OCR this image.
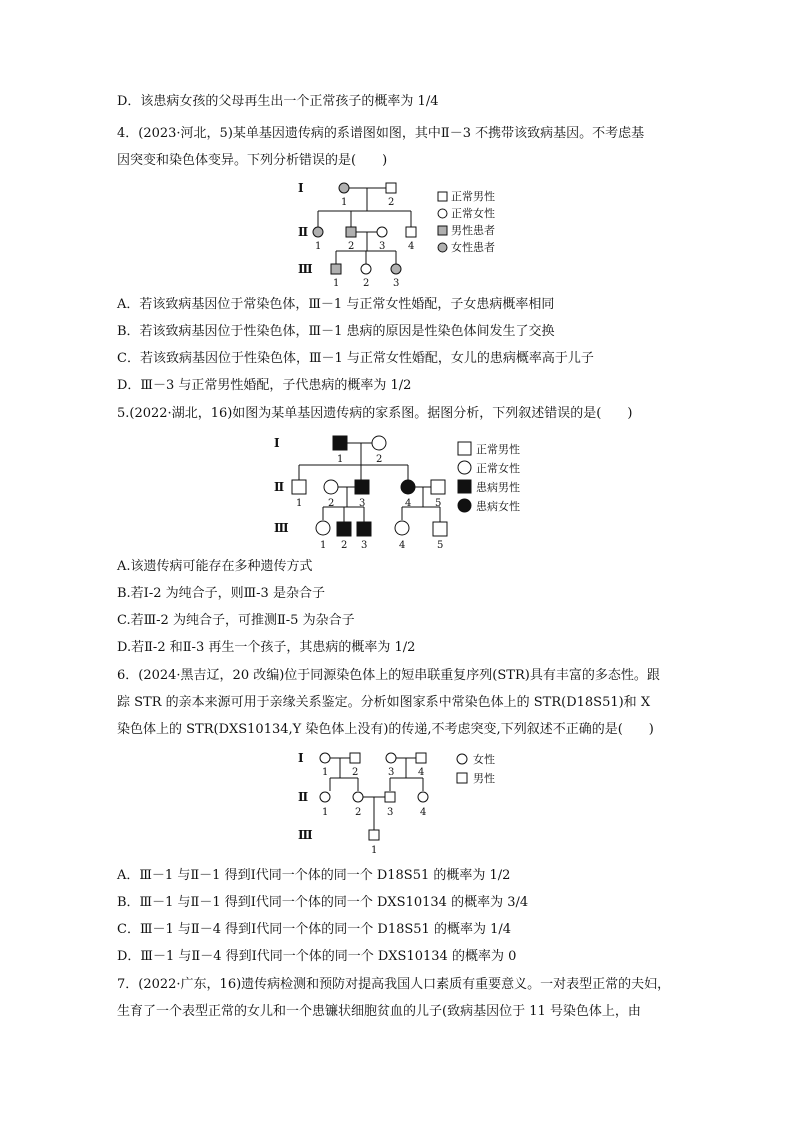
D．该患病女孩的父母再生出一个正常孩子的概率为 1/4
4．(2023·河北，5)某单基因遗传病的系谱图如图，其中Ⅱ－3 不携带该致病基因。不考虑基
因突变和染色体变异。下列分析错误的是(　　)
Ⅰ
Ⅱ
Ⅲ
1	2
1	2 3 4
1 2 3
正常男性
正常女性
男性患者
女性患者
A．若该致病基因位于常染色体，Ⅲ－1 与正常女性婚配，子女患病概率相同
B．若该致病基因位于性染色体，Ⅲ－1 患病的原因是性染色体间发生了交换
C．若该致病基因位于性染色体，Ⅲ－1 与正常女性婚配，女儿的患病概率高于儿子
D．Ⅲ－3 与正常男性婚配，子代患病的概率为 1/2
5.(2022·湖北，16)如图为某单基因遗传病的家系图。据图分析，下列叙述错误的是(　　)
Ⅰ
Ⅱ
Ⅲ
1	2
1	2 3	4 5
1 2 3	4	5
正常男性
正常女性
患病男性
患病女性
A.该遗传病可能存在多种遗传方式
B.若Ⅰ-2 为纯合子，则Ⅲ-3 是杂合子
C.若Ⅲ-2 为纯合子，可推测Ⅱ-5 为杂合子
D.若Ⅱ-2 和Ⅱ-3 再生一个孩子，其患病的概率为 1/2
6．(2024·黑吉辽，20 改编)位于同源染色体上的短串联重复序列(STR)具有丰富的多态性。跟
踪 STR 的亲本来源可用于亲缘关系鉴定。分析如图家系中常染色体上的 STR(D18S51)和 X
染色体上的 STR(DXS10134,Y 染色体上没有)的传递,不考虑突变,下列叙述不正确的是(　　)
Ⅰ
Ⅱ
Ⅲ
1 2	3 4
1	2	3	4
1
女性
男性
A．Ⅲ－1 与Ⅱ－1 得到Ⅰ代同一个体的同一个 D18S51 的概率为 1/2
B．Ⅲ－1 与Ⅱ－1 得到Ⅰ代同一个体的同一个 DXS10134 的概率为 3/4
C．Ⅲ－1 与Ⅱ－4 得到Ⅰ代同一个体的同一个 D18S51 的概率为 1/4
D．Ⅲ－1 与Ⅱ－4 得到Ⅰ代同一个体的同一个 DXS10134 的概率为 0
7．(2022·广东，16)遗传病检测和预防对提高我国人口素质有重要意义。一对表型正常的夫妇，
生育了一个表型正常的女儿和一个患镰状细胞贫血的儿子(致病基因位于 11 号染色体上，由
